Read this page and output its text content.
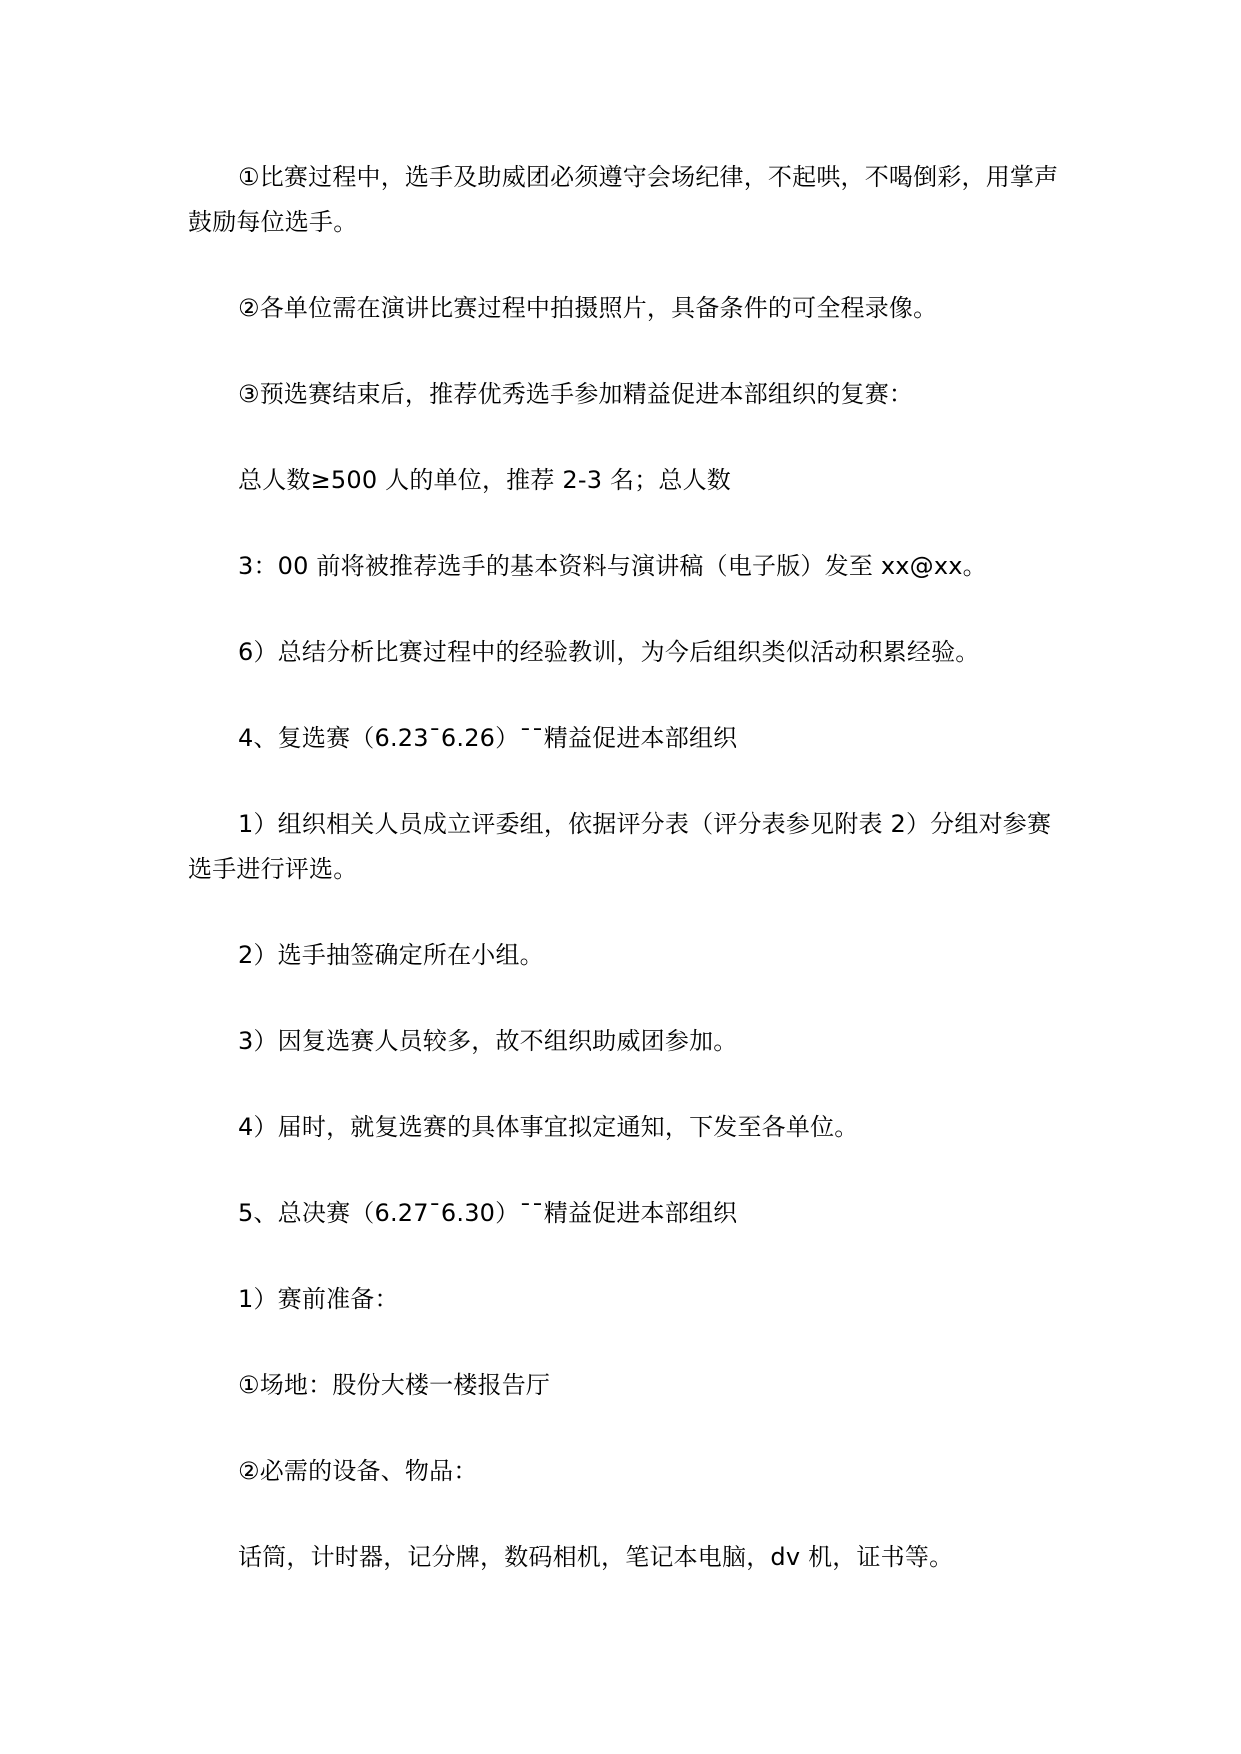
①比赛过程中，选手及助威团必须遵守会场纪律，不起哄，不喝倒彩，用掌声鼓励每位选手。

②各单位需在演讲比赛过程中拍摄照片，具备条件的可全程录像。

③预选赛结束后，推荐优秀选手参加精益促进本部组织的复赛：

总人数≥500 人的单位，推荐 2-3 名；总人数

3：00 前将被推荐选手的基本资料与演讲稿（电子版）发至 xx@xx。

6）总结分析比赛过程中的经验教训，为今后组织类似活动积累经验。

4、复选赛（6.23¯6.26）¯¯精益促进本部组织

1）组织相关人员成立评委组，依据评分表（评分表参见附表 2）分组对参赛选手进行评选。

2）选手抽签确定所在小组。

3）因复选赛人员较多，故不组织助威团参加。

4）届时，就复选赛的具体事宜拟定通知，下发至各单位。

5、总决赛（6.27¯6.30）¯¯精益促进本部组织

1）赛前准备：

①场地：股份大楼一楼报告厅

②必需的设备、物品：

话筒，计时器，记分牌，数码相机，笔记本电脑，dv 机，证书等。
